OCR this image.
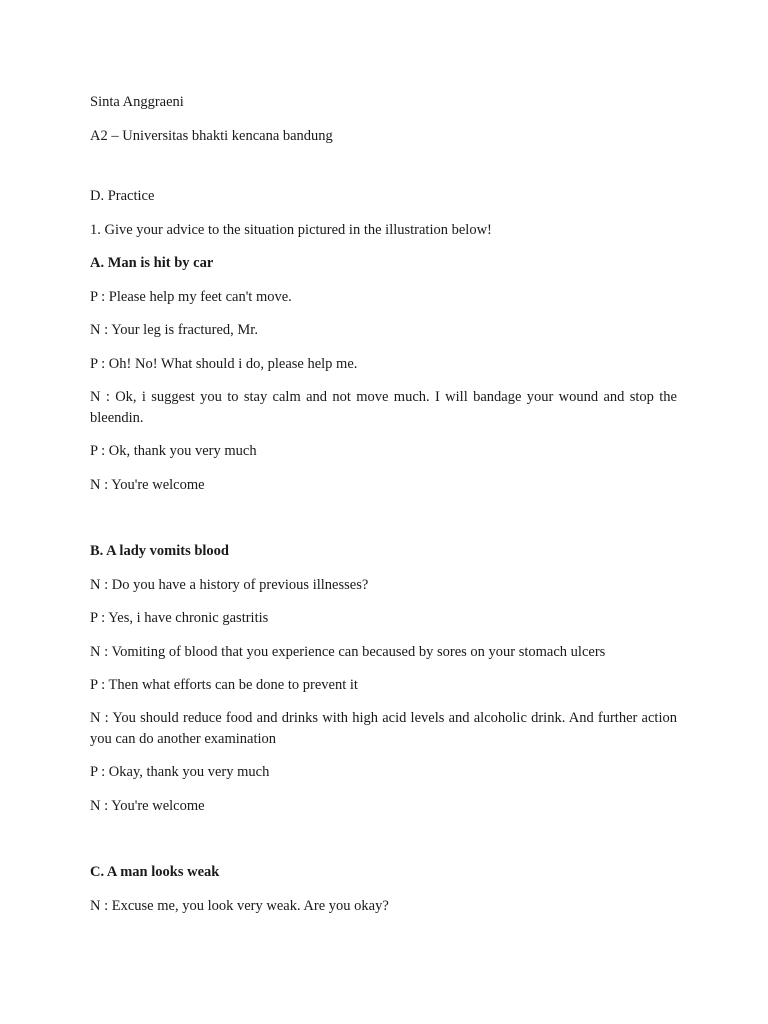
Sinta Anggraeni
A2 – Universitas bhakti kencana bandung
D. Practice
1. Give your advice to the situation pictured in the illustration below!
A. Man is hit by car
P : Please help my feet can't move.
N : Your leg is fractured, Mr.
P : Oh! No! What should i do, please help me.
N : Ok, i suggest you to stay calm and not move much. I will bandage your wound and stop the bleendin.
P : Ok, thank you very much
N : You're welcome
B. A lady vomits blood
N : Do you have a history of previous illnesses?
P : Yes, i have chronic gastritis
N : Vomiting of blood that you experience can becaused by sores on your stomach ulcers
P : Then what efforts can be done to prevent it
N : You should reduce food and drinks with high acid levels and alcoholic drink. And further action you can do another examination
P : Okay, thank you very much
N : You're welcome
C. A man looks weak
N : Excuse me, you look very weak. Are you okay?
